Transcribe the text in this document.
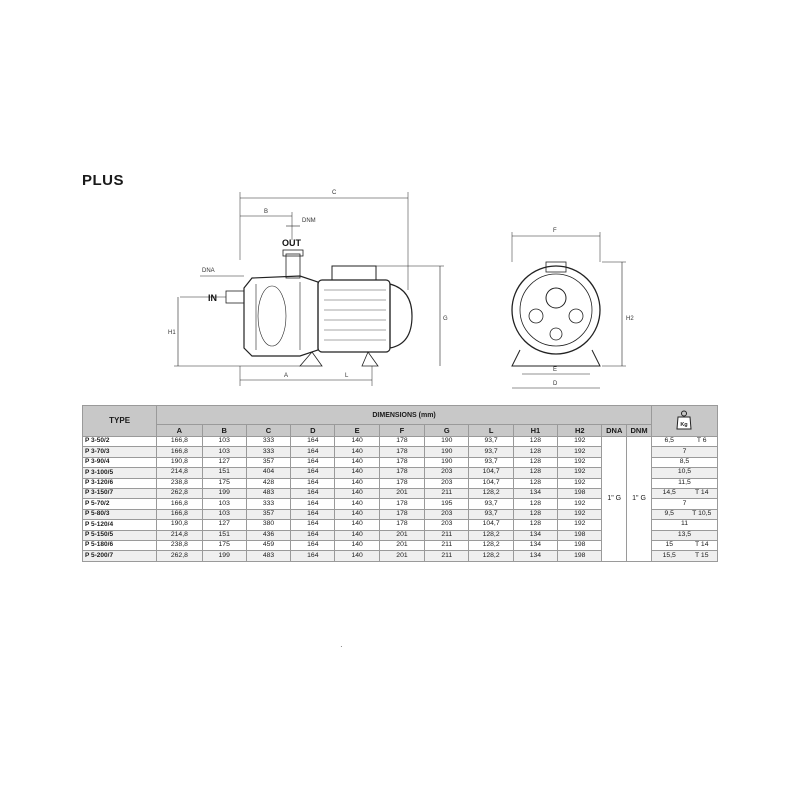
PLUS
C
B
DNM
OUT
DNA
IN
H1
A	L
G
F
H2
E
D
TYPE	DIMENSIONS (mm)												Kg	

	A	B	C	D	E	F	G	L	H1	H2	DNA	DNM		
P 3-50/2	166,8	103	333	164	140	178	190	93,7	128	192	1" G	1" G	6,5	T 6
P 3-70/3	166,8	103	333	164	140	178	190	93,7	128	192			7	
P 3-90/4	190,8	127	357	164	140	178	190	93,7	128	192			8,5	
P 3-100/5	214,8	151	404	164	140	178	203	104,7	128	192			10,5	
P 3-120/6	238,8	175	428	164	140	178	203	104,7	128	192			11,5	
P 3-150/7	262,8	199	483	164	140	201	211	128,2	134	198			14,5	T 14
P 5-70/2	166,8	103	333	164	140	178	195	93,7	128	192			7	
P 5-80/3	166,8	103	357	164	140	178	203	93,7	128	192			9,5	T 10,5
P 5-120/4	190,8	127	380	164	140	178	203	104,7	128	192			11	
P 5-150/5	214,8	151	436	164	140	201	211	128,2	134	198			13,5	
P 5-180/6	238,8	175	459	164	140	201	211	128,2	134	198			15	T 14
P 5-200/7	262,8	199	483	164	140	201	211	128,2	134	198			15,5	T 15
·
